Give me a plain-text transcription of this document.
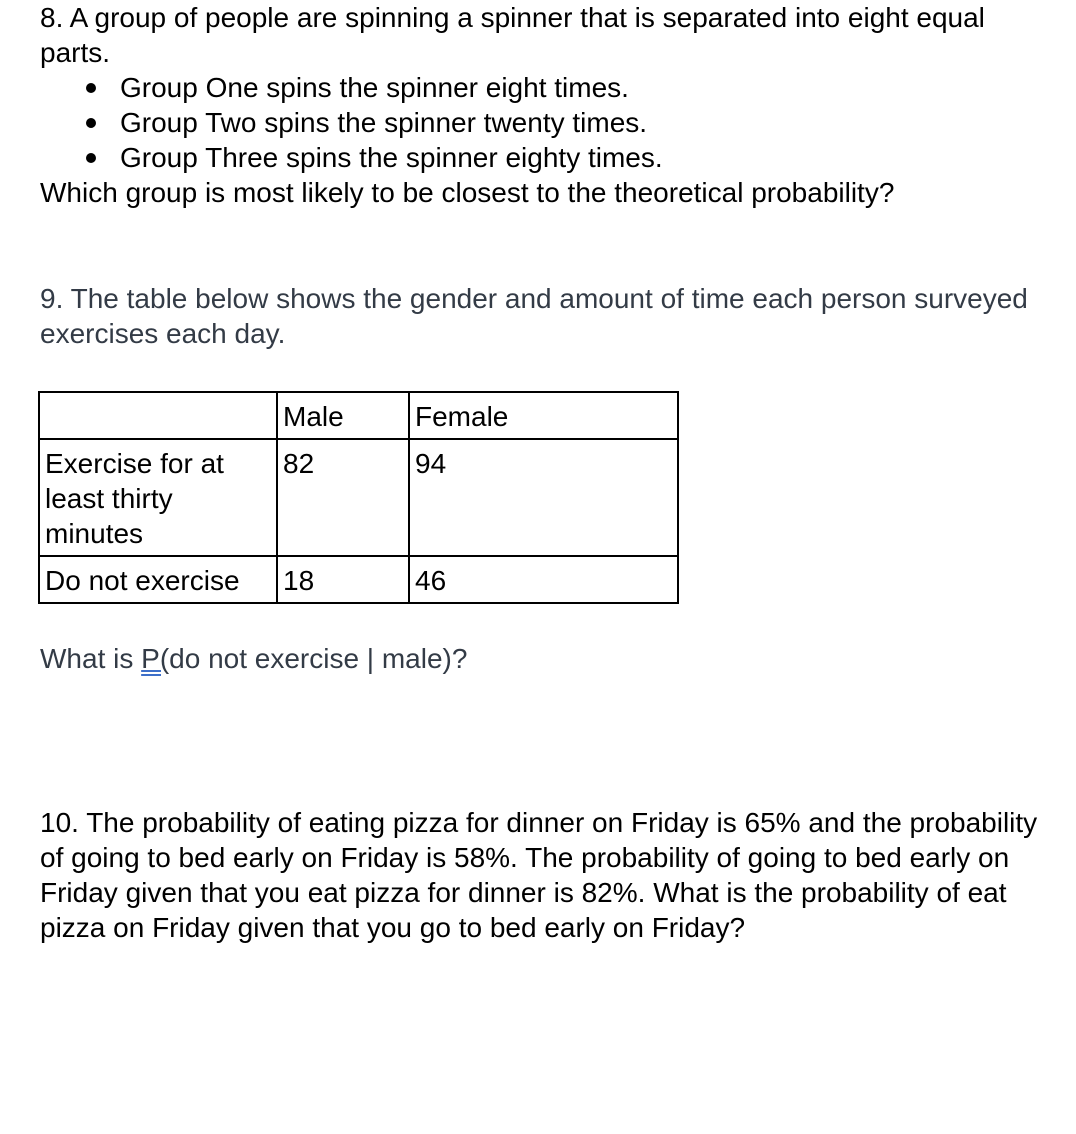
8. A group of people are spinning a spinner that is separated into eight equal parts.

Group One spins the spinner eight times.
Group Two spins the spinner twenty times.
Group Three spins the spinner eighty times.

Which group is most likely to be closest to the theoretical probability?

9. The table below shows the gender and amount of time each person surveyed exercises each day.

	Male	Female
Exercise for at least thirty minutes	82	94
Do not exercise	18	46

What is P(do not exercise | male)?

10. The probability of eating pizza for dinner on Friday is 65% and the probability of going to bed early on Friday is 58%. The probability of going to bed early on Friday given that you eat pizza for dinner is 82%. What is the probability of eat pizza on Friday given that you go to bed early on Friday?
